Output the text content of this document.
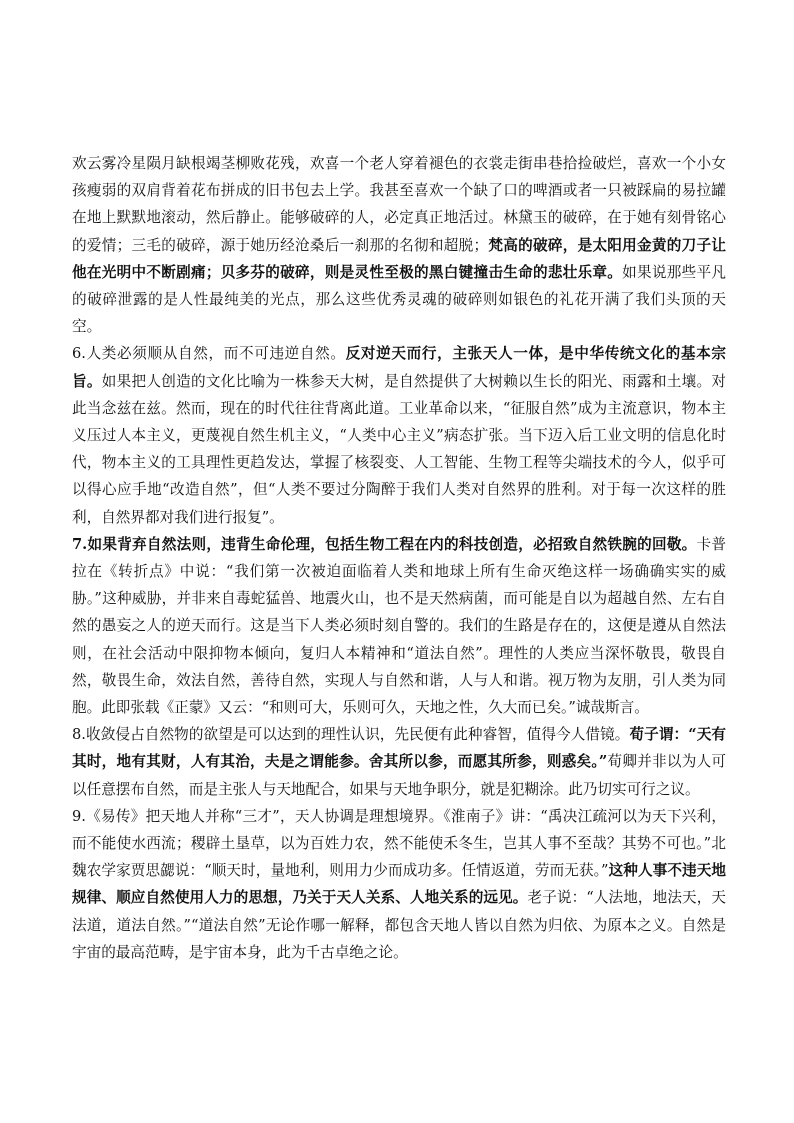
欢云雾冷星陨月缺根竭茎柳败花残，欢喜一个老人穿着褪色的衣裳走街串巷拾捡破烂，喜欢一个小女孩瘦弱的双肩背着花布拼成的旧书包去上学。我甚至喜欢一个缺了口的啤酒或者一只被踩扁的易拉罐在地上默默地滚动，然后静止。能够破碎的人，必定真正地活过。林黛玉的破碎，在于她有刻骨铭心的爱情；三毛的破碎，源于她历经沧桑后一刹那的名彻和超脱；梵高的破碎，是太阳用金黄的刀子让他在光明中不断剧痛；贝多芬的破碎，则是灵性至极的黑白键撞击生命的悲壮乐章。如果说那些平凡的破碎泄露的是人性最纯美的光点，那么这些优秀灵魂的破碎则如银色的礼花开满了我们头顶的天空。

6.人类必须顺从自然，而不可违逆自然。反对逆天而行，主张天人一体，是中华传统文化的基本宗旨。如果把人创造的文化比喻为一株参天大树，是自然提供了大树赖以生长的阳光、雨露和土壤。对此当念兹在兹。然而，现在的时代往往背离此道。工业革命以来，“征服自然”成为主流意识，物本主义压过人本主义，更蔑视自然生机主义，“人类中心主义”病态扩张。当下迈入后工业文明的信息化时代，物本主义的工具理性更趋发达，掌握了核裂变、人工智能、生物工程等尖端技术的今人，似乎可以得心应手地“改造自然”，但“人类不要过分陶醉于我们人类对自然界的胜利。对于每一次这样的胜利，自然界都对我们进行报复”。

7.如果背弃自然法则，违背生命伦理，包括生物工程在内的科技创造，必招致自然铁腕的回敬。卡普拉在《转折点》中说：“我们第一次被迫面临着人类和地球上所有生命灭绝这样一场确确实实的威胁。”这种威胁，并非来自毒蛇猛兽、地震火山，也不是天然病菌，而可能是自以为超越自然、左右自然的愚妄之人的逆天而行。这是当下人类必须时刻自警的。我们的生路是存在的，这便是遵从自然法则，在社会活动中限抑物本倾向，复归人本精神和“道法自然”。理性的人类应当深怀敬畏，敬畏自然，敬畏生命，效法自然，善待自然，实现人与自然和谐，人与人和谐。视万物为友朋，引人类为同胞。此即张载《正蒙》又云：“和则可大，乐则可久，天地之性，久大而已矣。”诚哉斯言。

8.收敛侵占自然物的欲望是可以达到的理性认识，先民便有此种睿智，值得今人借镜。荀子谓：“天有其时，地有其财，人有其治，夫是之谓能参。舍其所以参，而愿其所参，则惑矣。”荀卿并非以为人可以任意摆布自然，而是主张人与天地配合，如果与天地争职分，就是犯糊涂。此乃切实可行之议。

9.《易传》把天地人并称“三才”，天人协调是理想境界。《淮南子》讲：“禹决江疏河以为天下兴利，而不能使水西流；稷辟土垦草，以为百姓力农，然不能使禾冬生，岂其人事不至哉？其势不可也。”北魏农学家贾思勰说：“顺天时，量地利，则用力少而成功多。任情返道，劳而无获。”这种人事不违天地规律、顺应自然使用人力的思想，乃关于天人关系、人地关系的远见。老子说：“人法地，地法天，天法道，道法自然。”“道法自然”无论作哪一解释，都包含天地人皆以自然为归依、为原本之义。自然是宇宙的最高范畴，是宇宙本身，此为千古卓绝之论。
